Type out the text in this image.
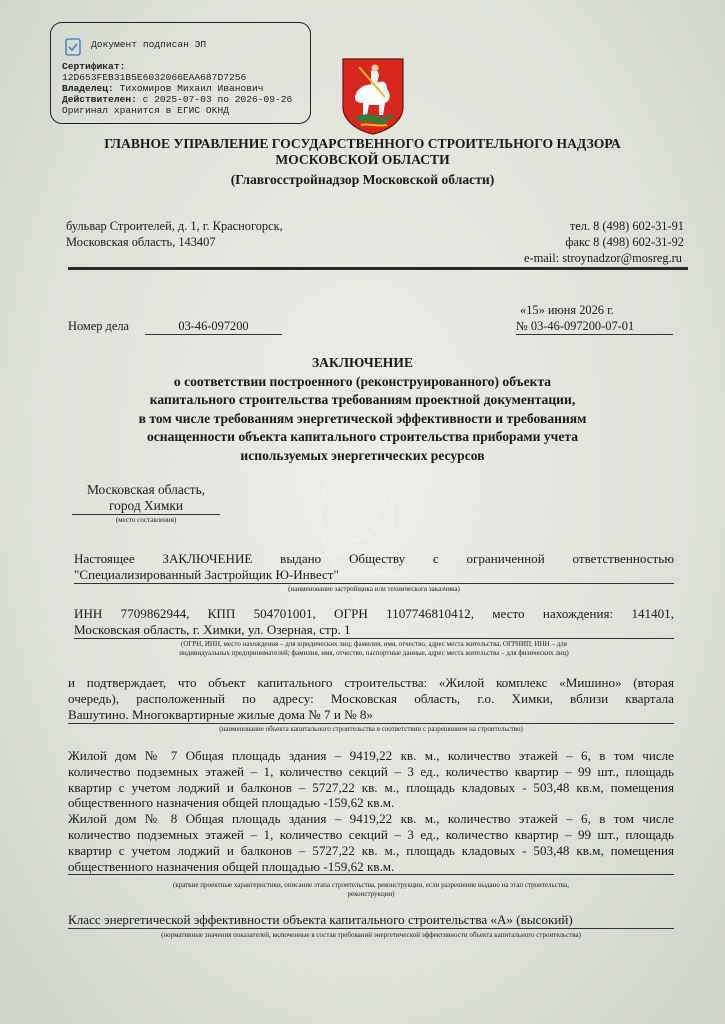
Документ подписан ЭП
Сертификат:
12D653FEB31B5E6032066EAA687D7256
Владелец: Тихомиров Михаил Иванович
Действителен: с 2025-07-03 по 2026-09-26
Оригинал хранится в ЕГИС ОКНД
ГЛАВНОЕ УПРАВЛЕНИЕ ГОСУДАРСТВЕННОГО СТРОИТЕЛЬНОГО НАДЗОРА
МОСКОВСКОЙ ОБЛАСТИ
(Главгосстройнадзор Московской области)
бульвар Строителей, д. 1, г. Красногорск,
Московская область, 143407
тел. 8 (498) 602-31-91
факс 8 (498) 602-31-92
e-mail: stroynadzor@mosreg.ru
Номер дела	03-46-097200
«15» июня 2026 г.
№ 03-46-097200-07-01
ЗАКЛЮЧЕНИЕ
о соответствии построенного (реконструированного) объекта
капитального строительства требованиям проектной документации,
в том числе требованиям энергетической эффективности и требованиям
оснащенности объекта капитального строительства приборами учета
используемых энергетических ресурсов
Московская область,
город Химки
(место составления)
Настоящее ЗАКЛЮЧЕНИЕ выдано Обществу с ограниченной ответственностью
"Специализированный Застройщик Ю-Инвест"
(наименование застройщика или технического заказчика)
ИНН 7709862944, КПП 504701001, ОГРН 1107746810412, место нахождения: 141401,
Московская область, г. Химки, ул. Озерная, стр. 1
(ОГРН, ИНН, место нахождения – для юридических лиц; фамилия, имя, отчество, адрес места жительства, ОГРНИП, ИНН – для
индивидуальных предпринимателей; фамилия, имя, отчество, паспортные данные, адрес места жительства – для физических лиц)
и подтверждает, что объект капитального строительства: «Жилой комплекс «Мишино» (вторая
очередь), расположенный по адресу: Московская область, г.о. Химки, вблизи квартала
Вашутино. Многоквартирные жилые дома № 7 и № 8»
(наименование объекта капитального строительства в соответствии с разрешением на строительство)
Жилой дом № 7 Общая площадь здания – 9419,22 кв. м., количество этажей – 6, в том числе
количество подземных этажей – 1, количество секций – 3 ед., количество квартир – 99 шт., площадь
квартир с учетом лоджий и балконов – 5727,22 кв. м., площадь кладовых - 503,48 кв.м, помещения
общественного назначения общей площадью -159,62 кв.м.
Жилой дом № 8 Общая площадь здания – 9419,22 кв. м., количество этажей – 6, в том числе
количество подземных этажей – 1, количество секций – 3 ед., количество квартир – 99 шт., площадь
квартир с учетом лоджий и балконов – 5727,22 кв. м., площадь кладовых - 503,48 кв.м, помещения
общественного назначения общей площадью -159,62 кв.м.
(краткие проектные характеристики, описание этапа строительства, реконструкции, если разрешение выдано на этап строительства,
реконструкции)
Класс энергетической эффективности объекта капитального строительства «А» (высокий)
(нормативные значения показателей, включенные в состав требований энергетической эффективности объекта капитального строительства)
